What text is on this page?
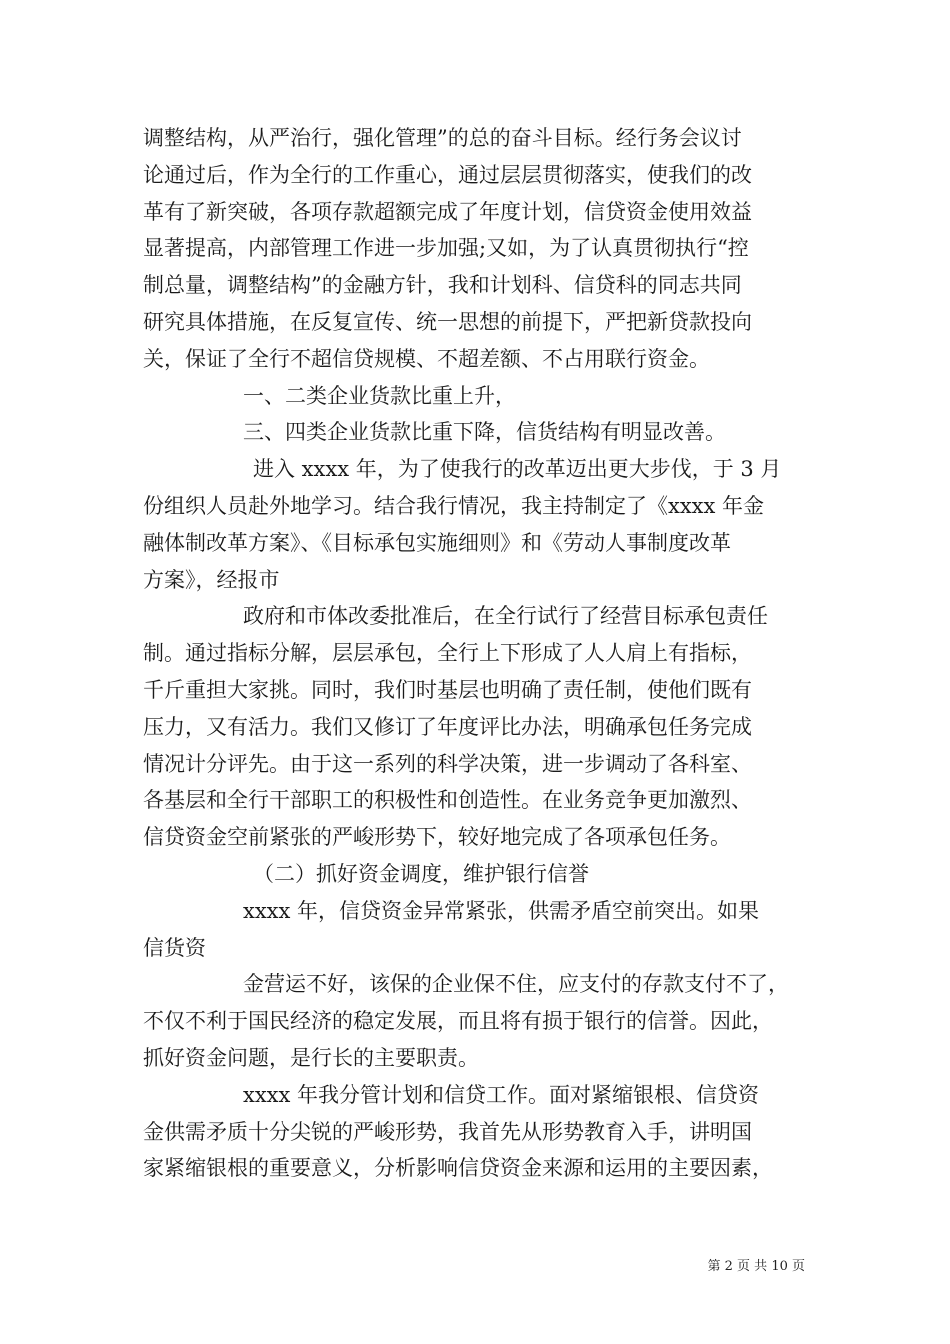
调整结构，从严治行，强化管理”的总的奋斗目标。经行务会议讨
论通过后，作为全行的工作重心，通过层层贯彻落实，使我们的改
革有了新突破，各项存款超额完成了年度计划，信贷资金使用效益
显著提高，内部管理工作进一步加强;又如，为了认真贯彻执行“控
制总量，调整结构”的金融方针，我和计划科、信贷科的同志共同
研究具体措施，在反复宣传、统一思想的前提下，严把新贷款投向
关，保证了全行不超信贷规模、不超差额、不占用联行资金。
一、二类企业货款比重上升，
三、四类企业货款比重下降，信货结构有明显改善。
进入 xxxx 年，为了使我行的改革迈出更大步伐，于 3 月
份组织人员赴外地学习。结合我行情况，我主持制定了《xxxx 年金
融体制改革方案》、《目标承包实施细则》和《劳动人事制度改革
方案》，经报市
政府和市体改委批准后，在全行试行了经营目标承包责任
制。通过指标分解，层层承包，全行上下形成了人人肩上有指标，
千斤重担大家挑。同时，我们时基层也明确了责任制，使他们既有
压力，又有活力。我们又修订了年度评比办法，明确承包任务完成
情况计分评先。由于这一系列的科学决策，进一步调动了各科室、
各基层和全行干部职工的积极性和创造性。在业务竞争更加激烈、
信贷资金空前紧张的严峻形势下，较好地完成了各项承包任务。
（二）抓好资金调度，维护银行信誉
xxxx 年，信贷资金异常紧张，供需矛盾空前突出。如果
信货资
金营运不好，该保的企业保不住，应支付的存款支付不了，
不仅不利于国民经济的稳定发展，而且将有损于银行的信誉。因此，
抓好资金问题，是行长的主要职责。
xxxx 年我分管计划和信贷工作。面对紧缩银根、信贷资
金供需矛质十分尖锐的严峻形势，我首先从形势教育入手，讲明国
家紧缩银根的重要意义，分析影响信贷资金来源和运用的主要因素，
第 2 页 共 10 页
